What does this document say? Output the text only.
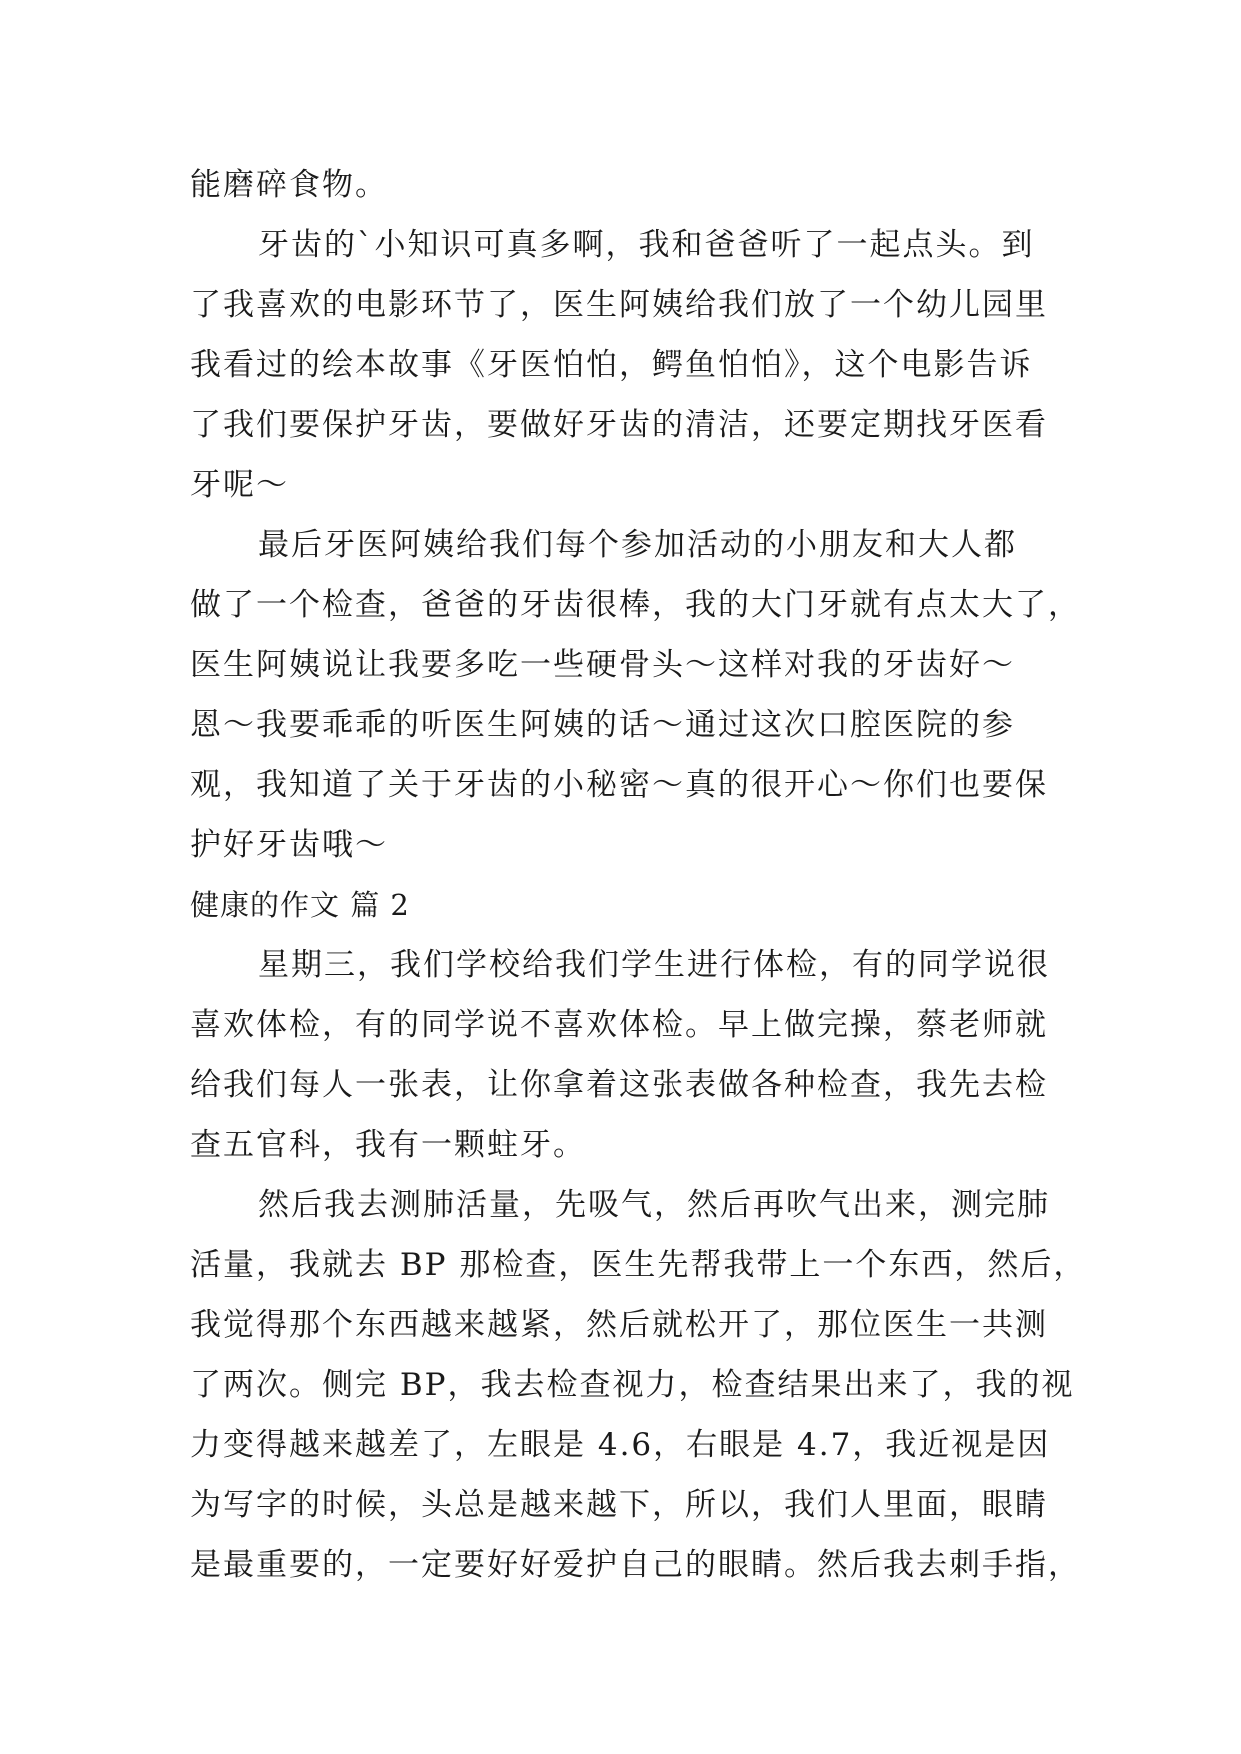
能磨碎食物。
牙齿的`小知识可真多啊，我和爸爸听了一起点头。到
了我喜欢的电影环节了，医生阿姨给我们放了一个幼儿园里
我看过的绘本故事《牙医怕怕，鳄鱼怕怕》，这个电影告诉
了我们要保护牙齿，要做好牙齿的清洁，还要定期找牙医看
牙呢～
最后牙医阿姨给我们每个参加活动的小朋友和大人都
做了一个检查，爸爸的牙齿很棒，我的大门牙就有点太大了，
医生阿姨说让我要多吃一些硬骨头～这样对我的牙齿好～
恩～我要乖乖的听医生阿姨的话～通过这次口腔医院的参
观，我知道了关于牙齿的小秘密～真的很开心～你们也要保
护好牙齿哦～
健康的作文 篇 2
星期三，我们学校给我们学生进行体检，有的同学说很
喜欢体检，有的同学说不喜欢体检。早上做完操，蔡老师就
给我们每人一张表，让你拿着这张表做各种检查，我先去检
查五官科，我有一颗蛀牙。
然后我去测肺活量，先吸气，然后再吹气出来，测完肺
活量，我就去 BP 那检查，医生先帮我带上一个东西，然后，
我觉得那个东西越来越紧，然后就松开了，那位医生一共测
了两次。侧完 BP，我去检查视力，检查结果出来了，我的视
力变得越来越差了，左眼是 4.6，右眼是 4.7，我近视是因
为写字的时候，头总是越来越下，所以，我们人里面，眼睛
是最重要的，一定要好好爱护自己的眼睛。然后我去刺手指，
